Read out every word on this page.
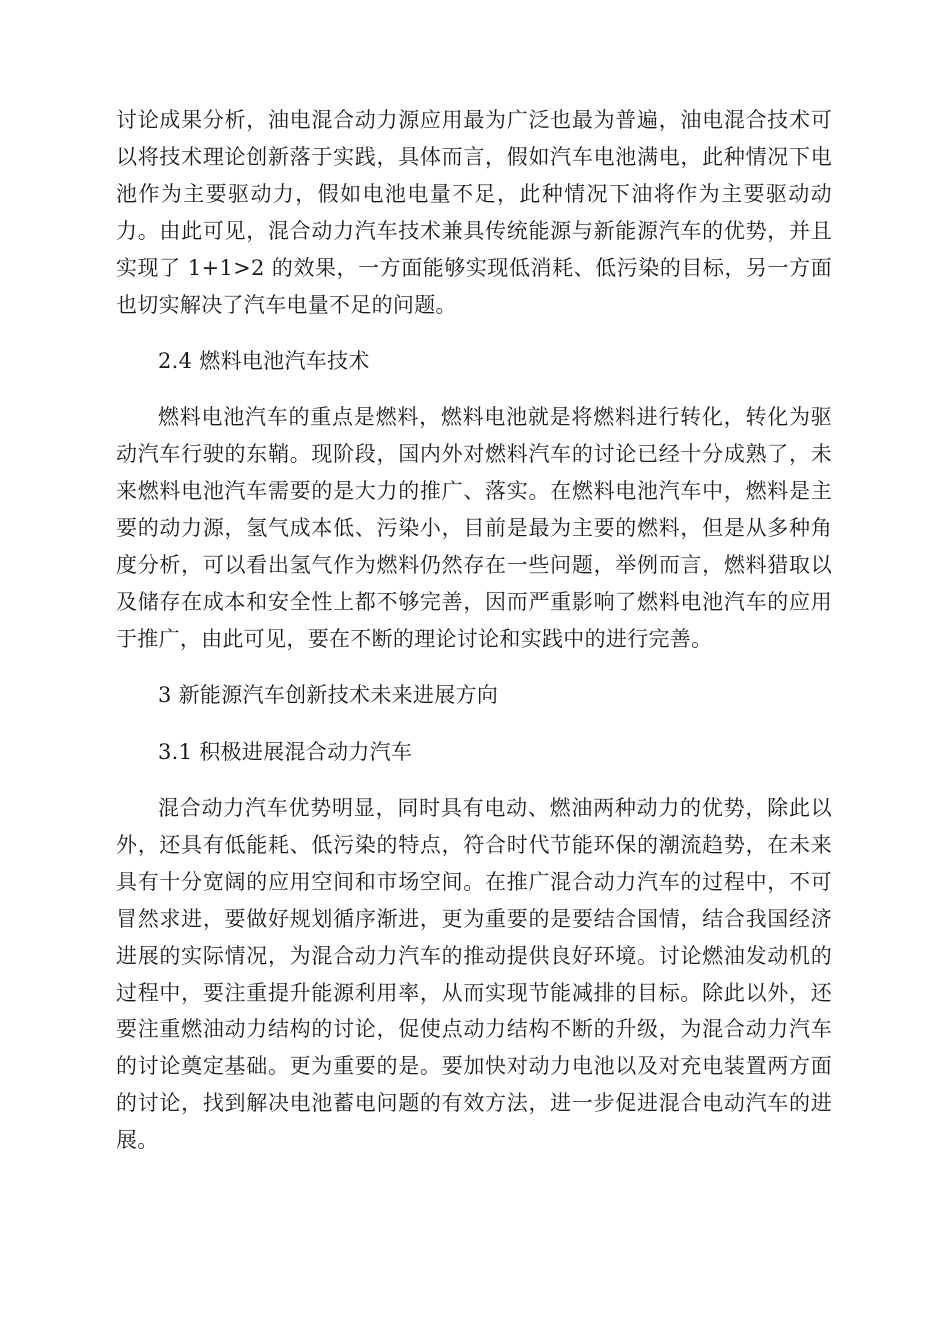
讨论成果分析，油电混合动力源应用最为广泛也最为普遍，油电混合技术可以将技术理论创新落于实践，具体而言，假如汽车电池满电，此种情况下电池作为主要驱动力，假如电池电量不足，此种情况下油将作为主要驱动动力。由此可见，混合动力汽车技术兼具传统能源与新能源汽车的优势，并且实现了 1+1>2 的效果，一方面能够实现低消耗、低污染的目标，另一方面也切实解决了汽车电量不足的问题。

2.4 燃料电池汽车技术

燃料电池汽车的重点是燃料，燃料电池就是将燃料进行转化，转化为驱动汽车行驶的东鞘。现阶段，国内外对燃料汽车的讨论已经十分成熟了，未来燃料电池汽车需要的是大力的推广、落实。在燃料电池汽车中，燃料是主要的动力源，氢气成本低、污染小，目前是最为主要的燃料，但是从多种角度分析，可以看出氢气作为燃料仍然存在一些问题，举例而言，燃料猎取以及储存在成本和安全性上都不够完善，因而严重影响了燃料电池汽车的应用于推广，由此可见，要在不断的理论讨论和实践中的进行完善。

3 新能源汽车创新技术未来进展方向

3.1 积极进展混合动力汽车

混合动力汽车优势明显，同时具有电动、燃油两种动力的优势，除此以外，还具有低能耗、低污染的特点，符合时代节能环保的潮流趋势，在未来具有十分宽阔的应用空间和市场空间。在推广混合动力汽车的过程中，不可冒然求进，要做好规划循序渐进，更为重要的是要结合国情，结合我国经济进展的实际情况，为混合动力汽车的推动提供良好环境。讨论燃油发动机的过程中，要注重提升能源利用率，从而实现节能减排的目标。除此以外，还要注重燃油动力结构的讨论，促使点动力结构不断的升级，为混合动力汽车的讨论奠定基础。更为重要的是。要加快对动力电池以及对充电装置两方面的讨论，找到解决电池蓄电问题的有效方法，进一步促进混合电动汽车的进展。
